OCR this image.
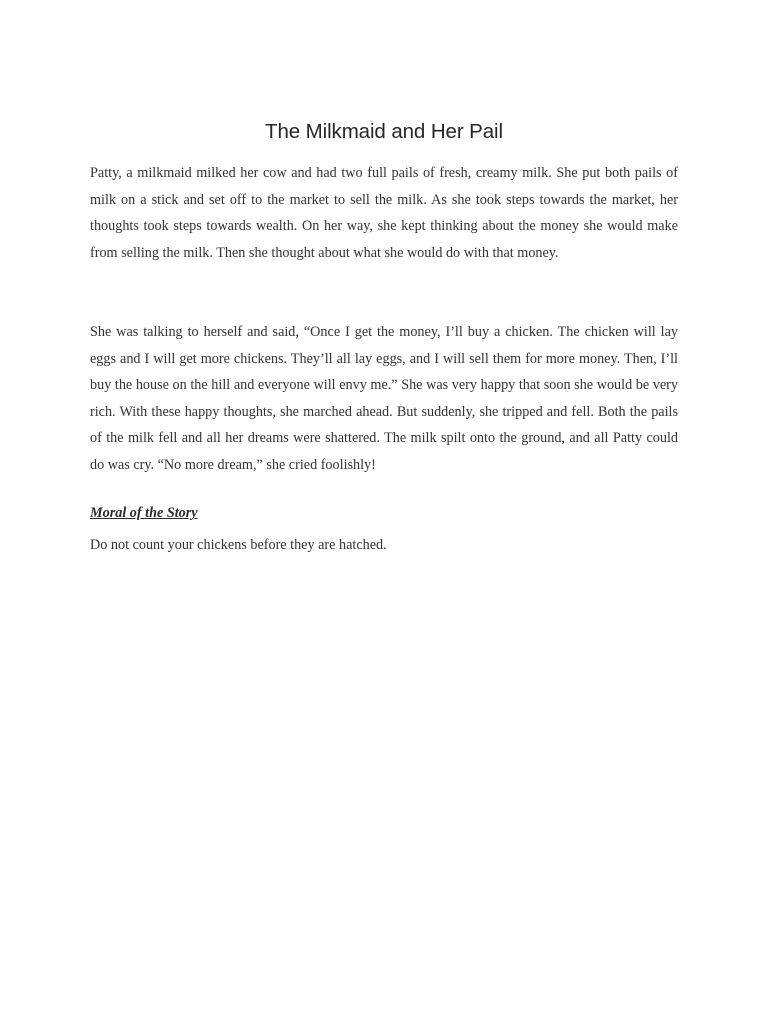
The Milkmaid and Her Pail

Patty, a milkmaid milked her cow and had two full pails of fresh, creamy milk. She put both pails of milk on a stick and set off to the market to sell the milk. As she took steps towards the market, her thoughts took steps towards wealth. On her way, she kept thinking about the money she would make from selling the milk. Then she thought about what she would do with that money.

She was talking to herself and said, “Once I get the money, I’ll buy a chicken. The chicken will lay eggs and I will get more chickens. They’ll all lay eggs, and I will sell them for more money. Then, I’ll buy the house on the hill and everyone will envy me.” She was very happy that soon she would be very rich. With these happy thoughts, she marched ahead. But suddenly, she tripped and fell. Both the pails of the milk fell and all her dreams were shattered. The milk spilt onto the ground, and all Patty could do was cry. “No more dream,” she cried foolishly!

Moral of the Story

Do not count your chickens before they are hatched.
